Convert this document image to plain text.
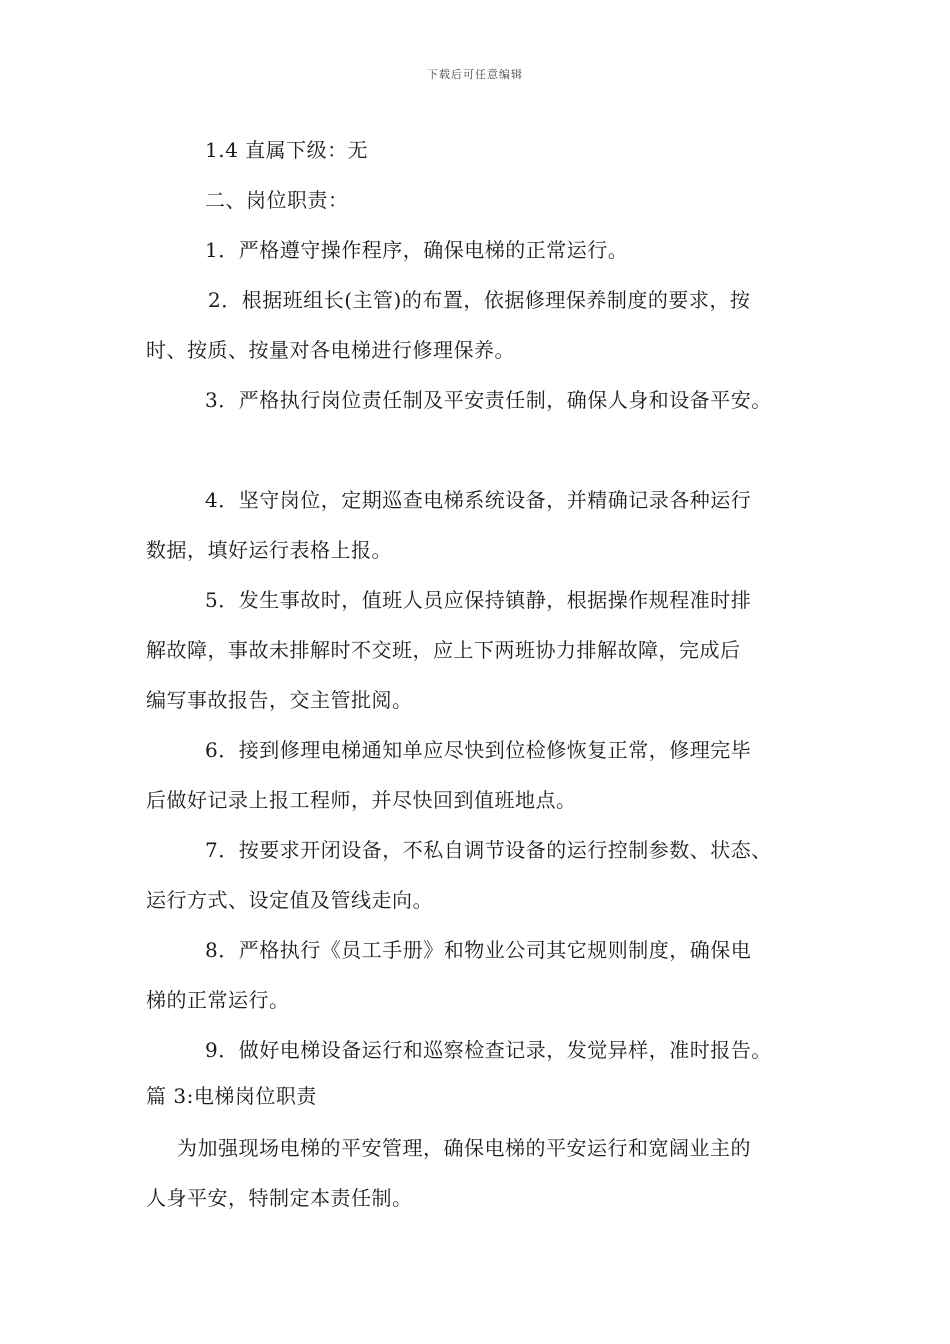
下载后可任意编辑
1.4 直属下级：无
二、岗位职责：
1．严格遵守操作程序，确保电梯的正常运行。
2．根据班组长(主管)的布置，依据修理保养制度的要求，按
时、按质、按量对各电梯进行修理保养。
3．严格执行岗位责任制及平安责任制，确保人身和设备平安。
4．坚守岗位，定期巡查电梯系统设备，并精确记录各种运行
数据，填好运行表格上报。
5．发生事故时，值班人员应保持镇静，根据操作规程准时排
解故障，事故未排解时不交班，应上下两班协力排解故障，完成后
编写事故报告，交主管批阅。
6．接到修理电梯通知单应尽快到位检修恢复正常，修理完毕
后做好记录上报工程师，并尽快回到值班地点。
7．按要求开闭设备，不私自调节设备的运行控制参数、状态、
运行方式、设定值及管线走向。
8．严格执行《员工手册》和物业公司其它规则制度，确保电
梯的正常运行。
9．做好电梯设备运行和巡察检查记录，发觉异样，准时报告。
篇 3:电梯岗位职责
为加强现场电梯的平安管理，确保电梯的平安运行和宽阔业主的
人身平安，特制定本责任制。
